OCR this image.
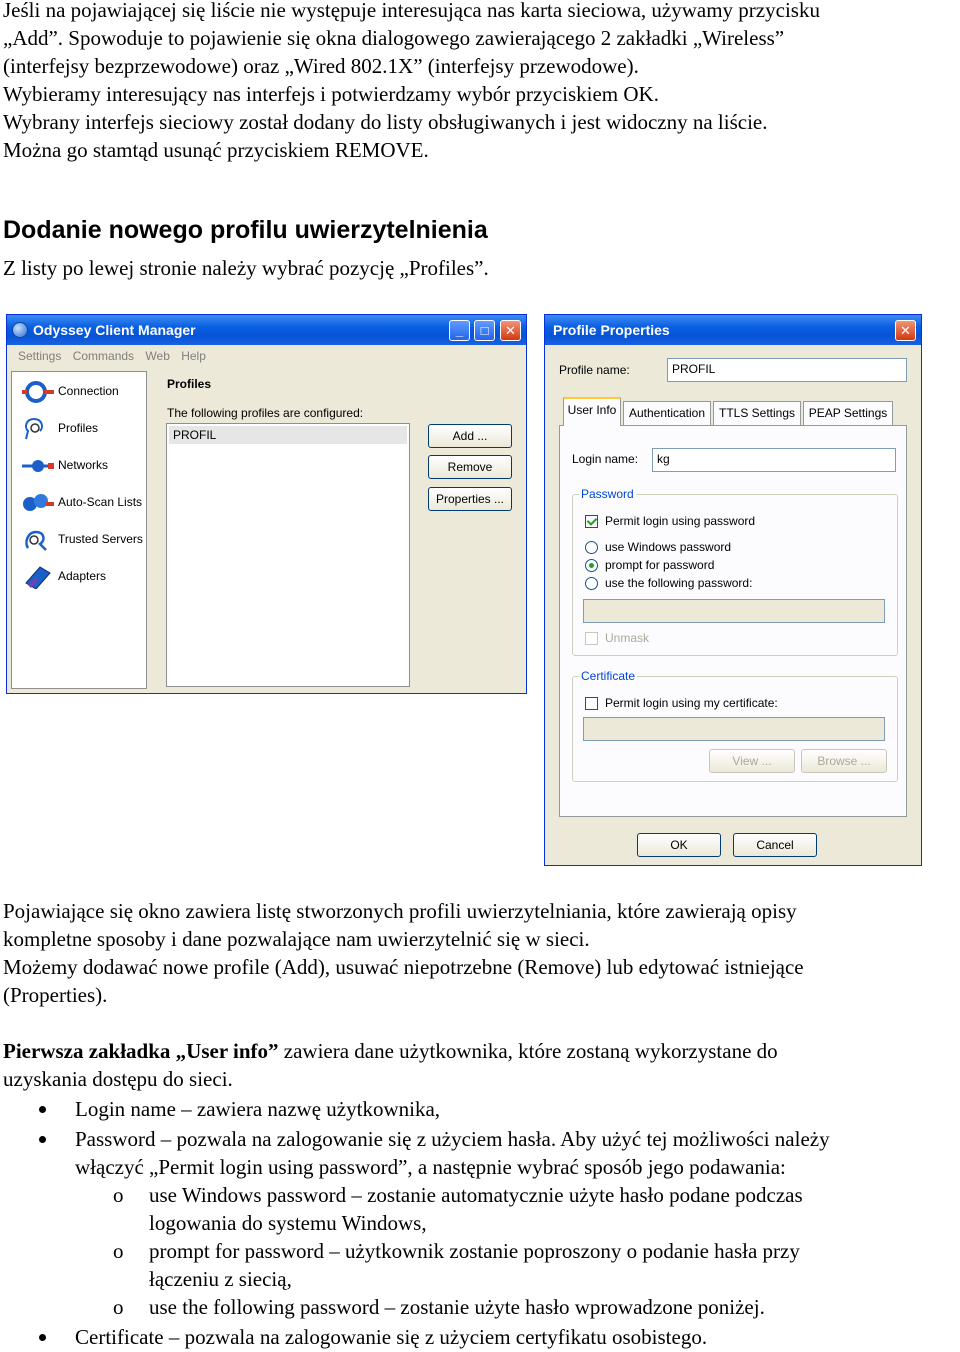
Jeśli na pojawiającej się liście nie występuje interesująca nas karta sieciowa, używamy przycisku
„Add”. Spowoduje to pojawienie się okna dialogowego zawierającego 2 zakładki „Wireless”
(interfejsy bezprzewodowe) oraz „Wired 802.1X” (interfejsy przewodowe).
Wybieramy interesujący nas interfejs i potwierdzamy wybór przyciskiem OK.
Wybrany interfejs sieciowy został dodany do listy obsługiwanych i jest widoczny na liście.
Można go stamtąd usunąć przyciskiem REMOVE.
Dodanie nowego profilu uwierzytelnienia
Z listy po lewej stronie należy wybrać pozycję „Profiles”.
Odyssey Client Manager	_	□	✕
Settings Commands Web Help
Connection
Profiles
Networks
Auto-Scan Lists
Trusted Servers
Adapters
Profiles
The following profiles are configured:
PROFIL	Add ...
Remove
Properties ...
Profile Properties	✕
Profile name:	PROFIL
User Info	Authentication	TTLS Settings	PEAP Settings
Login name:	kg
Password
Permit login using password
use Windows password
prompt for password
use the following password:
Unmask
Certificate
Permit login using my certificate:
View ...	Browse ...
OK	Cancel
Pojawiające się okno zawiera listę stworzonych profili uwierzytelniania, które zawierają opisy
kompletne sposoby i dane pozwalające nam uwierzytelnić się w sieci.
Możemy dodawać nowe profile (Add), usuwać niepotrzebne (Remove) lub edytować istniejące
(Properties).
Pierwsza zakładka „User info” zawiera dane użytkownika, które zostaną wykorzystane do
uzyskania dostępu do sieci.
Login name – zawiera nazwę użytkownika,
Password – pozwala na zalogowanie się z użyciem hasła. Aby użyć tej możliwości należy
włączyć „Permit login using password”, a następnie wybrać sposób jego podawania:
o use Windows password – zostanie automatycznie użyte hasło podane podczas
logowania do systemu Windows,
o prompt for password – użytkownik zostanie poproszony o podanie hasła przy
łączeniu z siecią,
o use the following password – zostanie użyte hasło wprowadzone poniżej.
Certificate – pozwala na zalogowanie się z użyciem certyfikatu osobistego.
